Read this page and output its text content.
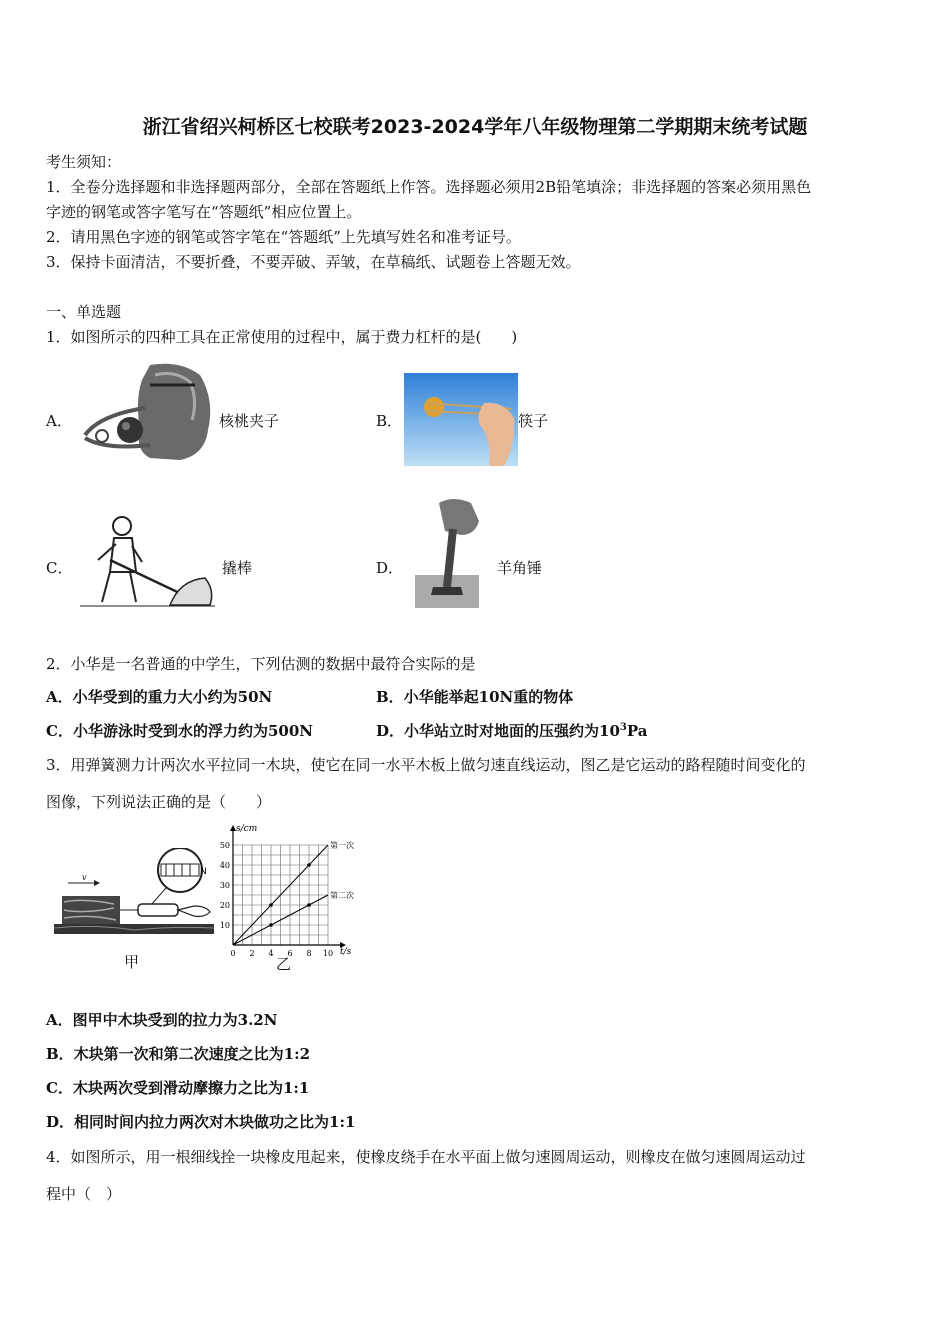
浙江省绍兴柯桥区七校联考2023-2024学年八年级物理第二学期期末统考试题
考生须知：
1．全卷分选择题和非选择题两部分，全部在答题纸上作答。选择题必须用2B铅笔填涂；非选择题的答案必须用黑色
字迹的钢笔或答字笔写在“答题纸”相应位置上。
2．请用黑色字迹的钢笔或答字笔在“答题纸”上先填写姓名和准考证号。
3．保持卡面清洁，不要折叠，不要弄破、弄皱，在草稿纸、试题卷上答题无效。
一、单选题
1．如图所示的四种工具在正常使用的过程中，属于费力杠杆的是(　　)
A．	核桃夹子	B．	筷子
C．	撬棒	D．	羊角锤
2．小华是一名普通的中学生，下列估测的数据中最符合实际的是
A．小华受到的重力大小约为50N	B．小华能举起10N重的物体
C．小华游泳时受到水的浮力约为500N	D．小华站立时对地面的压强约为$10^3Pa$
3．用弹簧测力计两次水平拉同一木块，使它在同一水平木板上做匀速直线运动，图乙是它运动的路程随时间变化的
图像，下列说法正确的是（　　）
N
v
甲	0 2 4 6 8 10
10
20
30
40
50
t/s
s/cm
第一次
第二次
乙
A．图甲中木块受到的拉力为3.2N
B．木块第一次和第二次速度之比为1:2
C．木块两次受到滑动摩擦力之比为1:1
D．相同时间内拉力两次对木块做功之比为1:1
4．如图所示，用一根细线拴一块橡皮甩起来，使橡皮绕手在水平面上做匀速圆周运动，则橡皮在做匀速圆周运动过
程中（　）
